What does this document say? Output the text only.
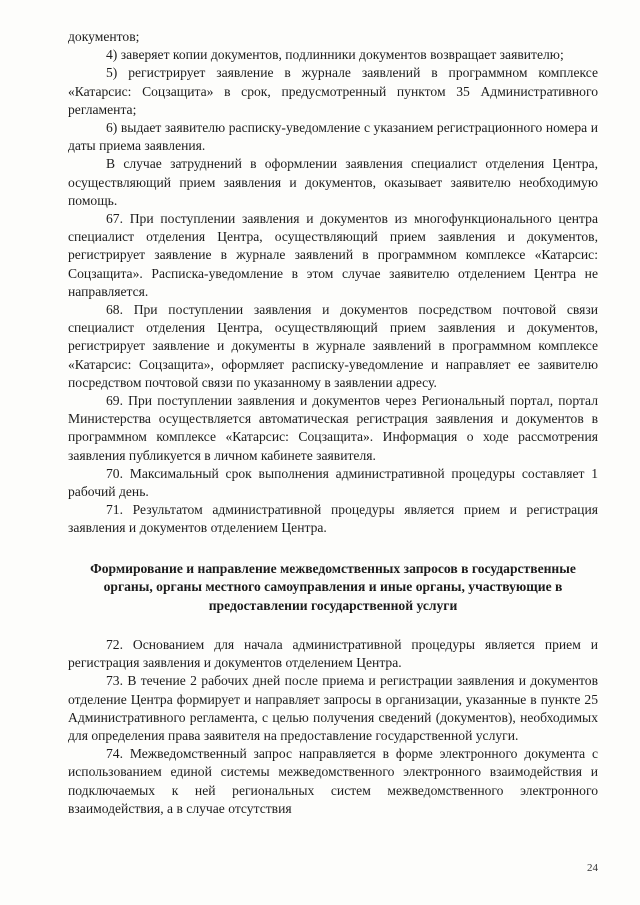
документов;

4) заверяет копии документов, подлинники документов возвращает заявителю;

5) регистрирует заявление в журнале заявлений в программном комплексе «Катарсис: Соцзащита» в срок, предусмотренный пунктом 35 Административного регламента;

6) выдает заявителю расписку-уведомление с указанием регистрационного номера и даты приема заявления.

В случае затруднений в оформлении заявления специалист отделения Центра, осуществляющий прием заявления и документов, оказывает заявителю необходимую помощь.

67. При поступлении заявления и документов из многофункционального центра специалист отделения Центра, осуществляющий прием заявления и документов, регистрирует заявление в журнале заявлений в программном комплексе «Катарсис: Соцзащита». Расписка-уведомление в этом случае заявителю отделением Центра не направляется.

68. При поступлении заявления и документов посредством почтовой связи специалист отделения Центра, осуществляющий прием заявления и документов, регистрирует заявление и документы в журнале заявлений в программном комплексе «Катарсис: Соцзащита», оформляет расписку-уведомление и направляет ее заявителю посредством почтовой связи по указанному в заявлении адресу.

69. При поступлении заявления и документов через Региональный портал, портал Министерства осуществляется автоматическая регистрация заявления и документов в программном комплексе «Катарсис: Соцзащита». Информация о ходе рассмотрения заявления публикуется в личном кабинете заявителя.

70. Максимальный срок выполнения административной процедуры составляет 1 рабочий день.

71. Результатом административной процедуры является прием и регистрация заявления и документов отделением Центра.

Формирование и направление межведомственных запросов в государственные органы, органы местного самоуправления и иные органы, участвующие в предоставлении государственной услуги

72. Основанием для начала административной процедуры является прием и регистрация заявления и документов отделением Центра.

73. В течение 2 рабочих дней после приема и регистрации заявления и документов отделение Центра формирует и направляет запросы в организации, указанные в пункте 25 Административного регламента, с целью получения сведений (документов), необходимых для определения права заявителя на предоставление государственной услуги.

74. Межведомственный запрос направляется в форме электронного документа с использованием единой системы межведомственного электронного взаимодействия и подключаемых к ней региональных систем межведомственного электронного взаимодействия, а в случае отсутствия

24
